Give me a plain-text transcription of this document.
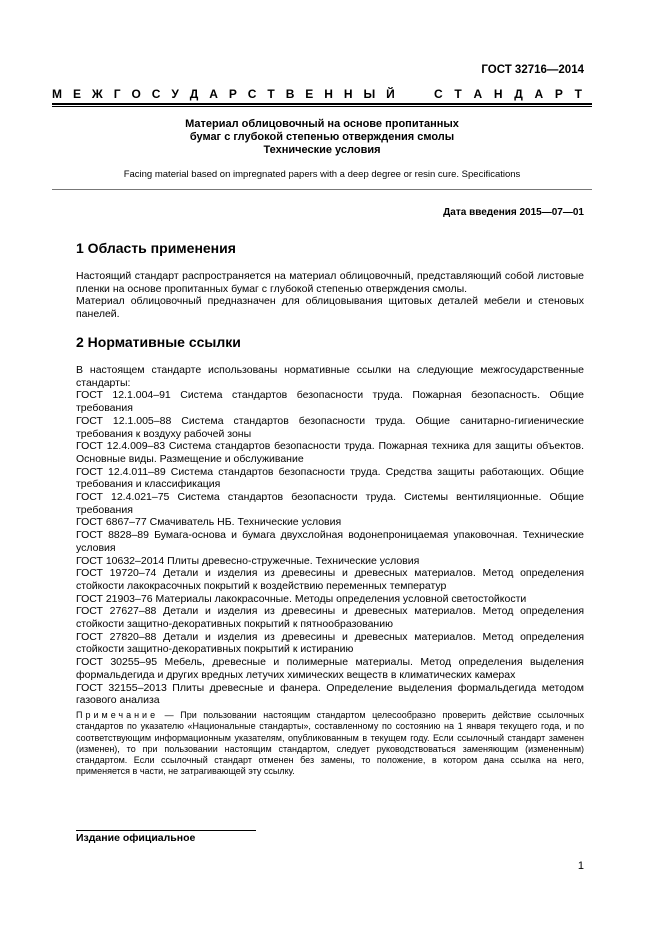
ГОСТ 32716—2014
М Е Ж Г О С У Д А Р С Т В Е Н Н Ы Й	С Т А Н Д А Р Т
Материал облицовочный на основе пропитанных
бумаг с глубокой степенью отверждения смолы
Технические условия
Facing material based on impregnated papers with a deep degree or resin cure. Specifications
Дата введения 2015—07—01
1 Область применения

Настоящий стандарт распространяется на материал облицовочный, представляющий собой листовые пленки на основе пропитанных бумаг с глубокой степенью отверждения смолы.

Материал облицовочный предназначен для облицовывания щитовых деталей мебели и стеновых панелей.

2 Нормативные ссылки

В настоящем стандарте использованы нормативные ссылки на следующие межгосударственные стандарты:

ГОСТ 12.1.004–91 Система стандартов безопасности труда. Пожарная безопасность. Общие требования

ГОСТ 12.1.005–88 Система стандартов безопасности труда. Общие санитарно-гигиенические требования к воздуху рабочей зоны

ГОСТ 12.4.009–83 Система стандартов безопасности труда. Пожарная техника для защиты объектов. Основные виды. Размещение и обслуживание

ГОСТ 12.4.011–89 Система стандартов безопасности труда. Средства защиты работающих. Общие требования и классификация

ГОСТ 12.4.021–75 Система стандартов безопасности труда. Системы вентиляционные. Общие требования

ГОСТ 6867–77 Смачиватель НБ. Технические условия

ГОСТ 8828–89 Бумага-основа и бумага двухслойная водонепроницаемая упаковочная. Технические условия

ГОСТ 10632–2014 Плиты древесно-стружечные. Технические условия

ГОСТ 19720–74 Детали и изделия из древесины и древесных материалов. Метод определения стойкости лакокрасочных покрытий к воздействию переменных температур

ГОСТ 21903–76 Материалы лакокрасочные. Методы определения условной светостойкости

ГОСТ 27627–88 Детали и изделия из древесины и древесных материалов. Метод определения стойкости защитно-декоративных покрытий к пятнообразованию

ГОСТ 27820–88 Детали и изделия из древесины и древесных материалов. Метод определения стойкости защитно-декоративных покрытий к истиранию

ГОСТ 30255–95 Мебель, древесные и полимерные материалы. Метод определения выделения формальдегида и других вредных летучих химических веществ в климатических камерах

ГОСТ 32155–2013 Плиты древесные и фанера. Определение выделения формальдегида методом газового анализа

Примечание — При пользовании настоящим стандартом целесообразно проверить действие ссылочных стандартов по указателю «Национальные стандарты», составленному по состоянию на 1 января текущего года, и по соответствующим информационным указателям, опубликованным в текущем году. Если ссылочный стандарт заменен (изменен), то при пользовании настоящим стандартом, следует руководствоваться заменяющим (измененным) стандартом. Если ссылочный стандарт отменен без замены, то положение, в котором дана ссылка на него, применяется в части, не затрагивающей эту ссылку.
Издание официальное
1
